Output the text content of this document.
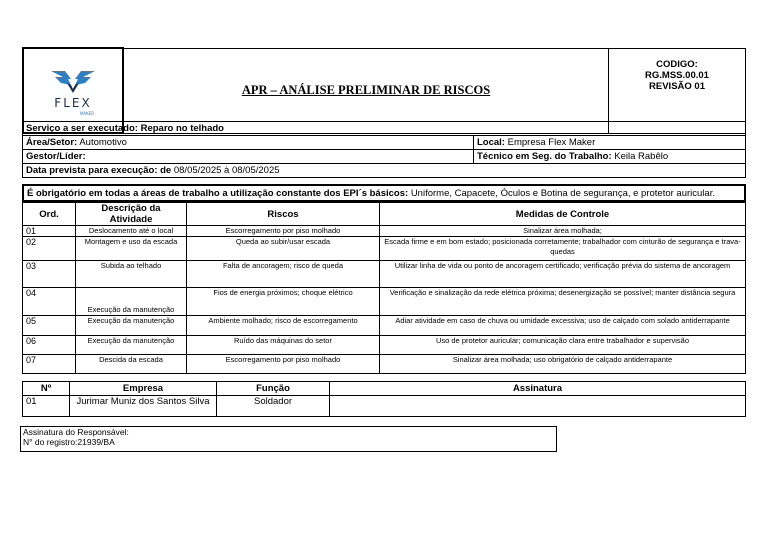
FLEX
MAKER
	APR – ANÁLISE PRELIMINAR DE RISCOS	
CODIGO:
RG.MSS.00.01
REVISÃO 01
Serviço a ser executado: Reparo no telhado	
Área/Setor: Automotivo	Local: Empresa Flex Maker
Gestor/Líder:	Técnico em Seg. do Trabalho: Keila Rabêlo
Data prevista para execução: de 08/05/2025 à 08/05/2025	
É obrigatório em todas a áreas de trabalho a utilização constante dos EPI´s básicos: Uniforme, Capacete, Óculos e Botina de segurança, e protetor auricular.
Ord.	Descrição da Atividade	Riscos	Medidas de Controle
01	Deslocamento até o local	Escorregamento por piso molhado	Sinalizar área molhada;
02	Montagem e uso da escada	Queda ao subir/usar escada	Escada firme e em bom estado; posicionada corretamente; trabalhador com cinturão de segurança e trava-quedas
03	Subida ao telhado	Falta de ancoragem; risco de queda	Utilizar linha de vida ou ponto de ancoragem certificado; verificação prévia do sistema de ancoragem
04	Execução da manutenção	Fios de energia próximos; choque elétrico	Verificação e sinalização da rede elétrica próxima; desenergização se possível; manter distância segura
05	Execução da manutenção	Ambiente molhado; risco de escorregamento	Adiar atividade em caso de chuva ou umidade excessiva; uso de calçado com solado antiderrapante
06	Execução da manutenção	Ruído das máquinas do setor	Uso de protetor auricular; comunicação clara entre trabalhador e supervisão
07	Descida da escada	Escorregamento por piso molhado	Sinalizar área molhada; uso obrigatório de calçado antiderrapante
Nº	Empresa	Função	Assinatura
01	Jurimar Muniz dos Santos Silva	Soldador	
Assinatura do Responsável:
N° do registro:21939/BA
